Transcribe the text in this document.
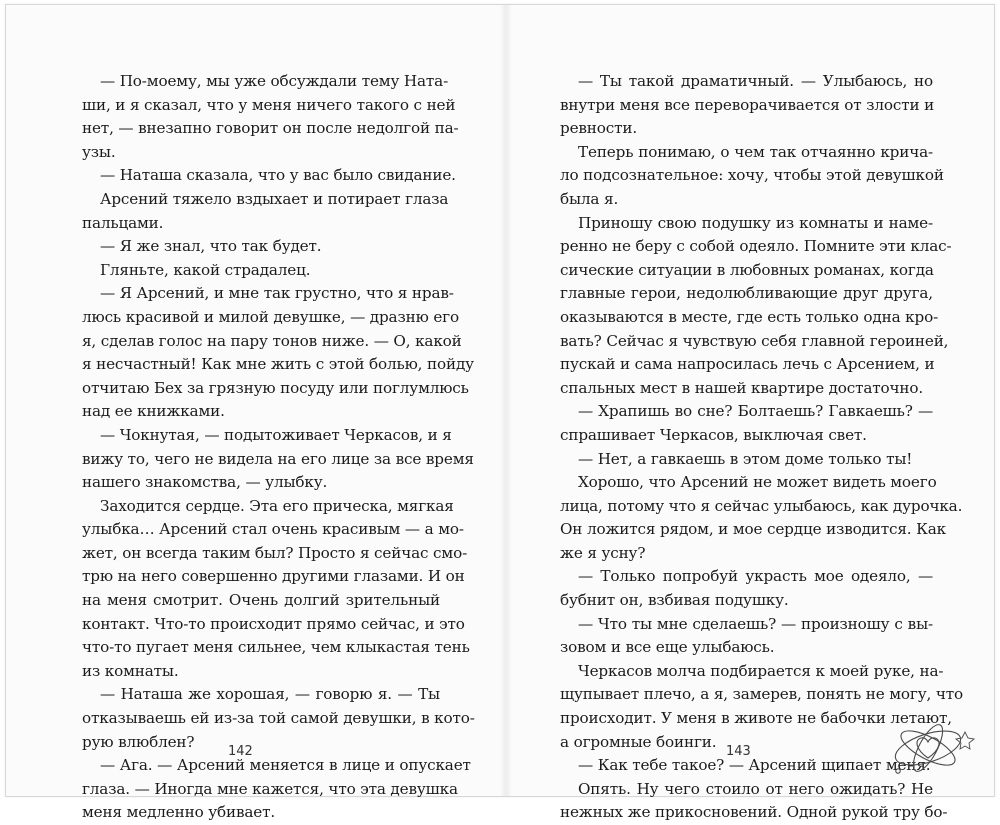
— По-моему, мы уже обсуждали тему Ната-
ши, и я сказал, что у меня ничего такого с ней
нет, — внезапно говорит он после недолгой па-
узы.
— Наташа сказала, что у вас было свидание.
Арсений тяжело вздыхает и потирает глаза
пальцами.
— Я же знал, что так будет.
Гляньте, какой страдалец.
— Я Арсений, и мне так грустно, что я нрав-
люсь красивой и милой девушке, — дразню его
я, сделав голос на пару тонов ниже. — О, какой
я несчастный! Как мне жить с этой болью, пойду
отчитаю Бех за грязную посуду или поглумлюсь
над ее книжками.
— Чокнутая, — подытоживает Черкасов, и я
вижу то, чего не видела на его лице за все время
нашего знакомства, — улыбку.
Заходится сердце. Эта его прическа, мягкая
улыбка… Арсений стал очень красивым — а мо-
жет, он всегда таким был? Просто я сейчас смо-
трю на него совершенно другими глазами. И он
на меня смотрит. Очень долгий зрительный
контакт. Что-то происходит прямо сейчас, и это
что-то пугает меня сильнее, чем клыкастая тень
из комнаты.
— Наташа же хорошая, — говорю я. — Ты
отказываешь ей из-за той самой девушки, в кото-
рую влюблен?
— Ага. — Арсений меняется в лице и опускает
глаза. — Иногда мне кажется, что эта девушка
меня медленно убивает.
— Ты такой драматичный. — Улыбаюсь, но
внутри меня все переворачивается от злости и
ревности.
Теперь понимаю, о чем так отчаянно крича-
ло подсознательное: хочу, чтобы этой девушкой
была я.
Приношу свою подушку из комнаты и наме-
ренно не беру с собой одеяло. Помните эти клас-
сические ситуации в любовных романах, когда
главные герои, недолюбливающие друг друга,
оказываются в месте, где есть только одна кро-
вать? Сейчас я чувствую себя главной героиней,
пускай и сама напросилась лечь с Арсением, и
спальных мест в нашей квартире достаточно.
— Храпишь во сне? Болтаешь? Гавкаешь? —
спрашивает Черкасов, выключая свет.
— Нет, а гавкаешь в этом доме только ты!
Хорошо, что Арсений не может видеть моего
лица, потому что я сейчас улыбаюсь, как дурочка.
Он ложится рядом, и мое сердце изводится. Как
же я усну?
— Только попробуй украсть мое одеяло, —
бубнит он, взбивая подушку.
— Что ты мне сделаешь? — произношу с вы-
зовом и все еще улыбаюсь.
Черкасов молча подбирается к моей руке, на-
щупывает плечо, а я, замерев, понять не могу, что
происходит. У меня в животе не бабочки летают,
а огромные боинги.
— Как тебе такое? — Арсений щипает меня.
Опять. Ну чего стоило от него ожидать? Не
нежных же прикосновений. Одной рукой тру бо-
142	143
